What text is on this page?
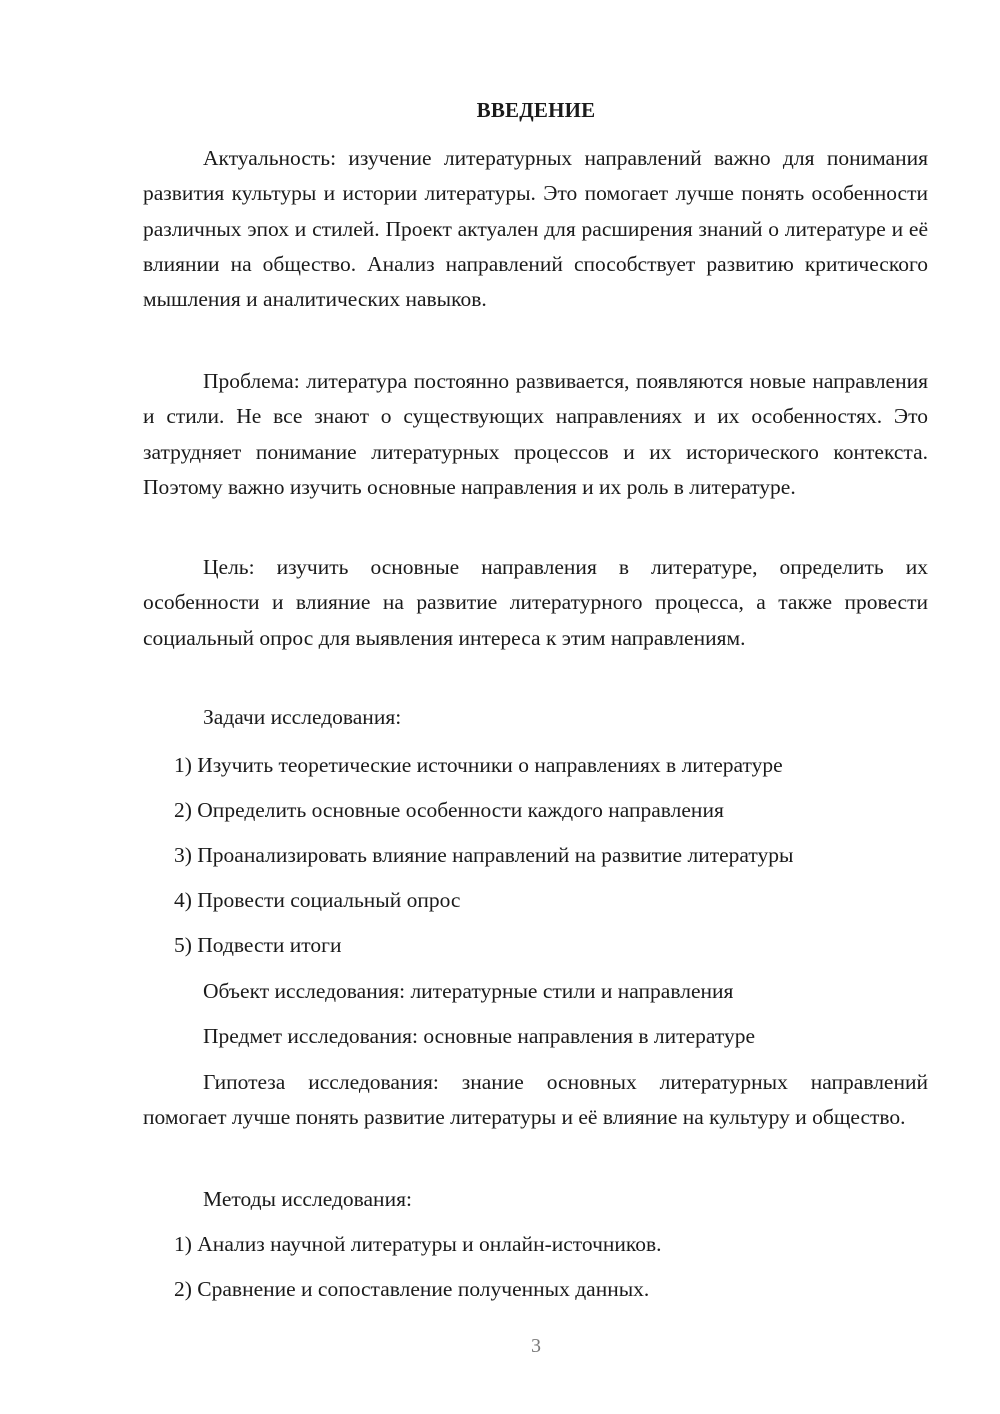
ВВЕДЕНИЕ

Актуальность: изучение литературных направлений важно для понимания развития культуры и истории литературы. Это помогает лучше понять особенности различных эпох и стилей. Проект актуален для расширения знаний о литературе и её влиянии на общество. Анализ направлений способствует развитию критического мышления и аналитических навыков.

Проблема: литература постоянно развивается, появляются новые направления и стили. Не все знают о существующих направлениях и их особенностях. Это затрудняет понимание литературных процессов и их исторического контекста. Поэтому важно изучить основные направления и их роль в литературе.

Цель: изучить основные направления в литературе, определить их особенности и влияние на развитие литературного процесса, а также провести социальный опрос для выявления интереса к этим направлениям.

Задачи исследования:
1) Изучить теоретические источники о направлениях в литературе
2) Определить основные особенности каждого направления
3) Проанализировать влияние направлений на развитие литературы
4) Провести социальный опрос
5) Подвести итоги
Объект исследования: литературные стили и направления
Предмет исследования: основные направления в литературе

Гипотеза исследования: знание основных литературных направлений помогает лучше понять развитие литературы и её влияние на культуру и общество.

Методы исследования:
1) Анализ научной литературы и онлайн-источников.
2) Сравнение и сопоставление полученных данных.
3
